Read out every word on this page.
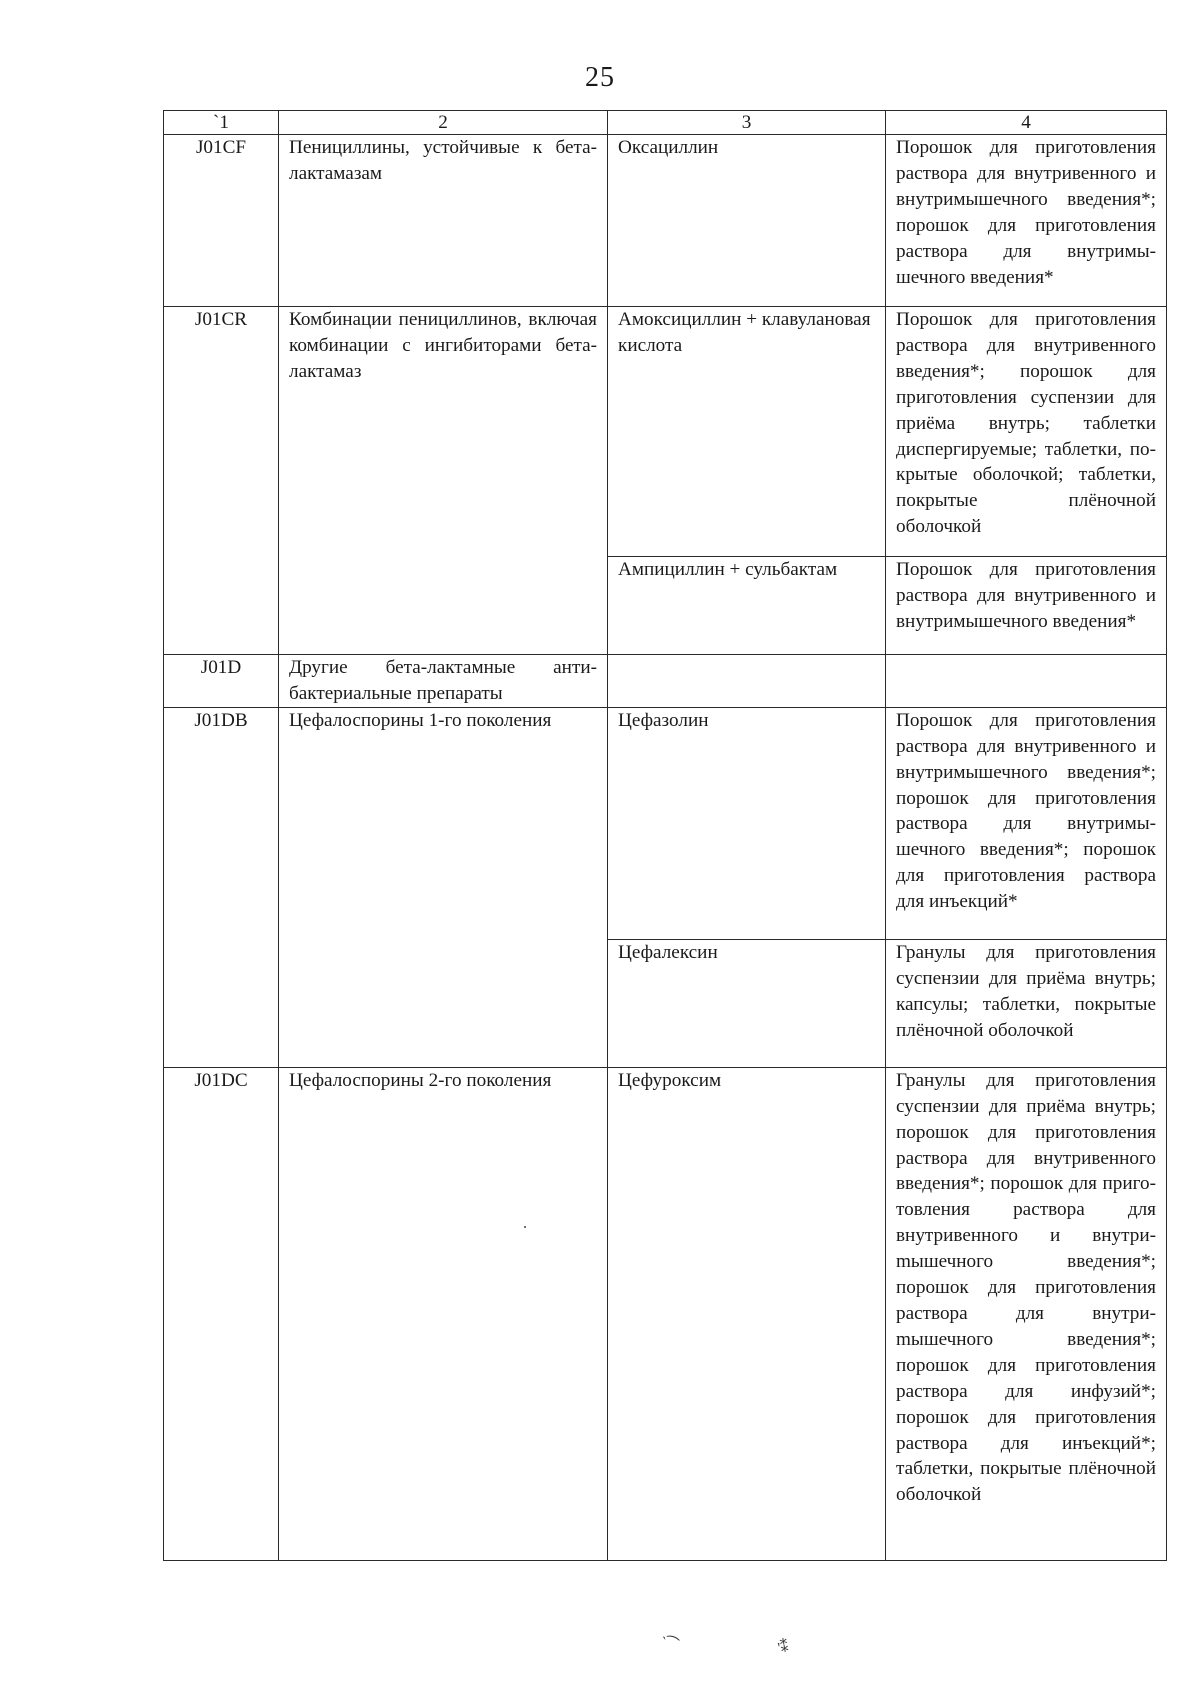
25
`1	2	3	4
J01CF	Пенициллины, устойчивые к бета-лактамазам	Оксациллин	Порошок для приготовления раствора для внутривенного и внутримышечного введения*; порошок для приготовления раствора для внутримышечного введения*
J01CR	Комбинации пенициллинов, включая комбинации с ингибиторами бета-лактамаз	Амоксициллин + клавулановая кислота	Порошок для приготовления раствора для внутривенного введения*; порошок для приготовления суспензии для приёма внутрь; таблетки диспергируемые; таблетки, покрытые оболочкой; таблетки, покрытые плёночной оболочкой
		Ампициллин + сульбактам	Порошок для приготовления раствора для внутривенного и внутримышечного введения*
J01D	Другие бета-лактамные антибактериальные препараты		
J01DB	Цефалоспорины 1-го поколения	Цефазолин	Порошок для приготовления раствора для внутривенного и внутримышечного введения*; порошок для приготовления раствора для внутримышечного введения*; порошок для приготовления раствора для инъекций*
		Цефалексин	Гранулы для приготовления суспензии для приёма внутрь; капсулы; таблетки, покрытые плёночной оболочкой
J01DC	Цефалоспорины 2-го поколения	Цефуроксим	Гранулы для приготовления суспензии для приёма внутрь; порошок для приготовления раствора для внутривенного введения*; порошок для приготовления раствора для внутривенного и внутриmышечного введения*; порошок для приготовления раствора для внутриmышечного введения*; порошок для приготовления раствора для инфузий*; порошок для приготовления раствора для инъекций*; таблетки, покрытые плёночной оболочкой
`⁀	'⁑
